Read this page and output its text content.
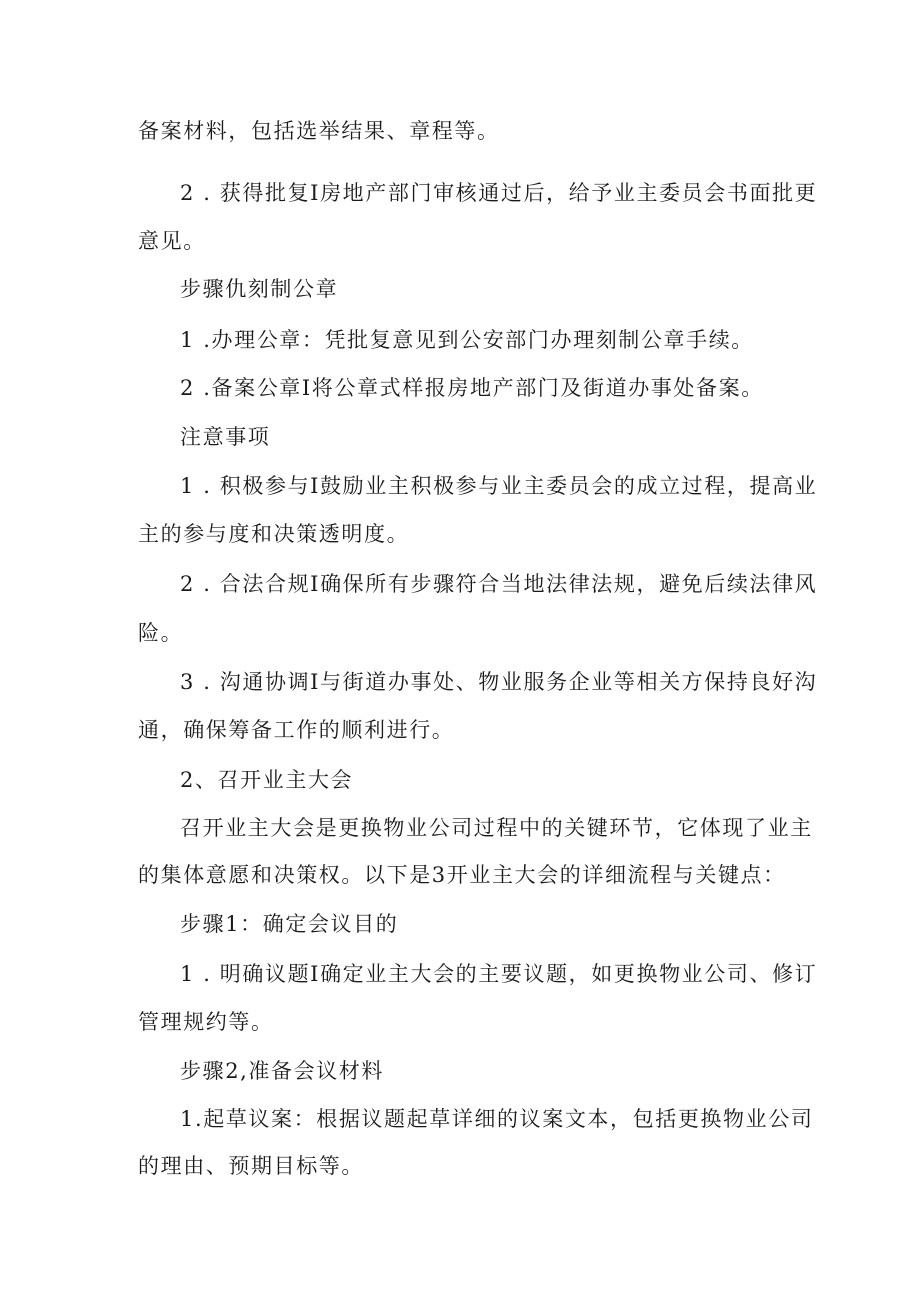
备案材料，包括选举结果、章程等。
2 . 获得批复I房地产部门审核通过后，给予业主委员会书面批更
意见。
步骤仇刻制公章
1 .办理公章：凭批复意见到公安部门办理刻制公章手续。
2 .备案公章I将公章式样报房地产部门及街道办事处备案。
注意事项
1 . 积极参与I鼓励业主积极参与业主委员会的成立过程，提高业
主的参与度和决策透明度。
2 . 合法合规I确保所有步骤符合当地法律法规，避免后续法律风
险。
3 . 沟通协调I与街道办事处、物业服务企业等相关方保持良好沟
通，确保筹备工作的顺利进行。
2、召开业主大会
召开业主大会是更换物业公司过程中的关键环节，它体现了业主
的集体意愿和决策权。以下是3开业主大会的详细流程与关键点：
步骤1：确定会议目的
1 . 明确议题I确定业主大会的主要议题，如更换物业公司、修订
管理规约等。
步骤2,准备会议材料
1.起草议案：根据议题起草详细的议案文本，包括更换物业公司
的理由、预期目标等。
